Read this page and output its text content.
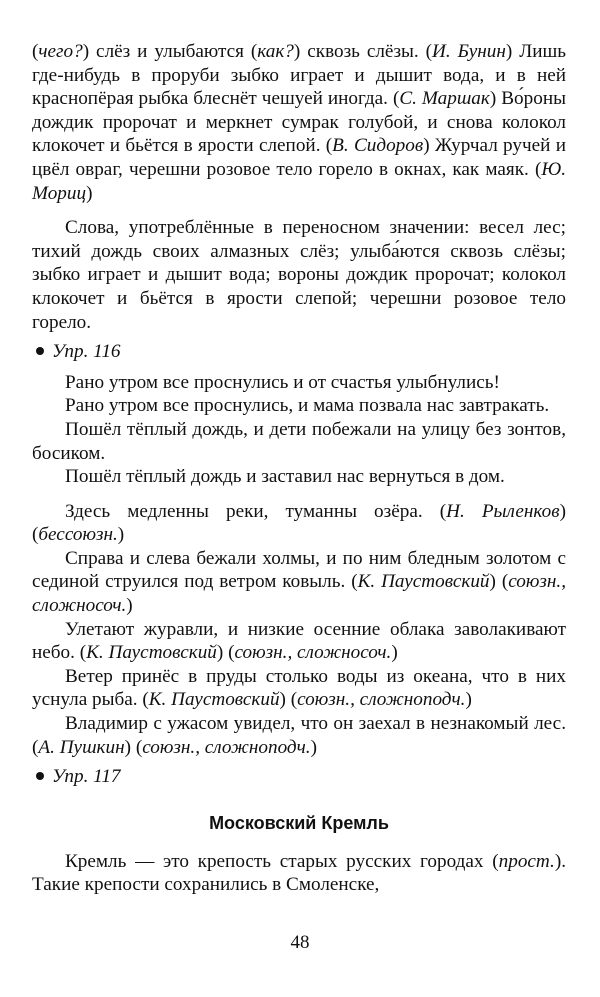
(чего?) слёз и улыбаются (как?) сквозь слёзы. (И. Бунин) Лишь где-нибудь в проруби зыбко играет и дышит вода, и в ней краснопёрая рыбка блеснёт чешуей иногда. (С. Маршак) Во́роны дождик пророчат и меркнет сумрак голубой, и снова колокол клокочет и бьётся в ярости слепой. (В. Сидоров) Журчал ручей и цвёл овраг, черешни розовое тело горело в окнах, как маяк. (Ю. Мориц)

Слова, употреблённые в переносном значении: весел лес; тихий дождь своих алмазных слёз; улыба́ются сквозь слёзы; зыбко играет и дышит вода; вороны дождик пророчат; колокол клокочет и бьётся в ярости слепой; черешни розовое тело горело.

Упр. 116

Рано утром все проснулись и от счастья улыбнулись!

Рано утром все проснулись, и мама позвала нас завтракать.

Пошёл тёплый дождь, и дети побежали на улицу без зонтов, босиком.

Пошёл тёплый дождь и заставил нас вернуться в дом.

Здесь медленны реки, туманны озёра. (Н. Рыленков) (бессоюзн.)

Справа и слева бежали холмы, и по ним бледным золотом с сединой струился под ветром ковыль. (К. Паустовский) (союзн., сложносоч.)

Улетают журавли, и низкие осенние облака заволакивают небо. (К. Паустовский) (союзн., сложносоч.)

Ветер принёс в пруды столько воды из океана, что в них уснула рыба. (К. Паустовский) (союзн., сложноподч.)

Владимир с ужасом увидел, что он заехал в незнакомый лес. (А. Пушкин) (союзн., сложноподч.)

Упр. 117
Московский Кремль

Кремль — это крепость старых русских городах (прост.). Такие крепости сохранились в Смоленске,

48
